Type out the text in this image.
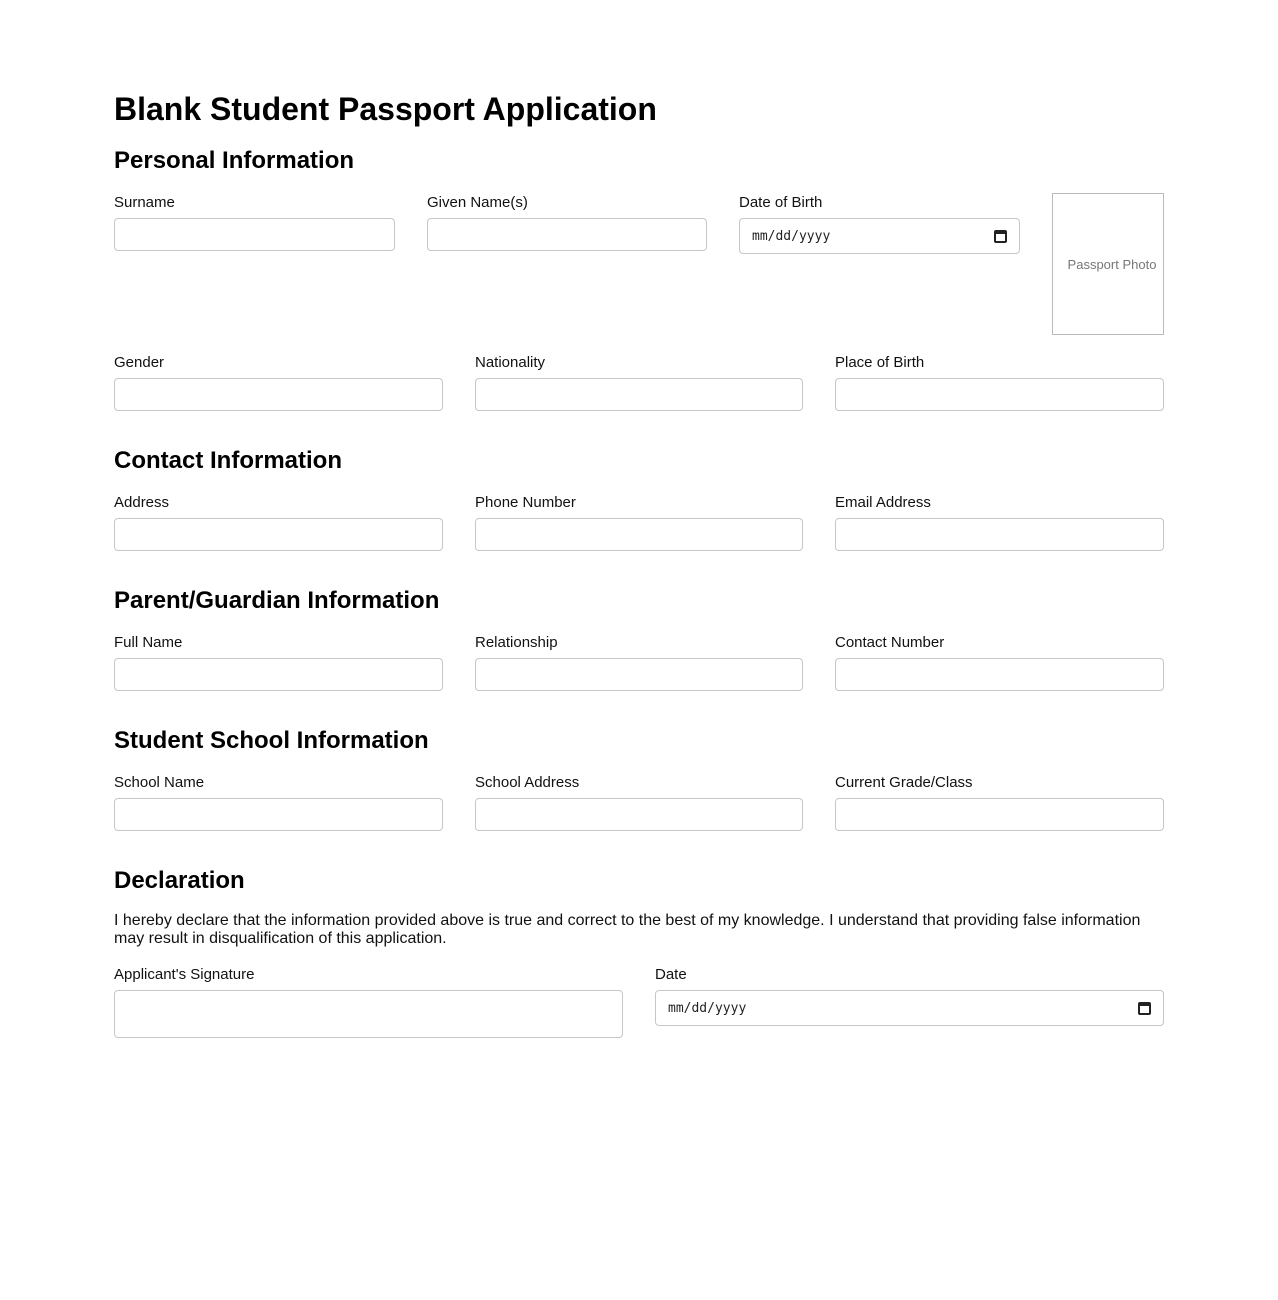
Blank Student Passport Application
Personal Information
Surname	Given Name(s)	Date of Birth
mm/dd/yyyy
Passport Photo
Gender	Nationality	Place of Birth
Contact Information
Address	Phone Number	Email Address
Parent/Guardian Information
Full Name	Relationship	Contact Number
Student School Information
School Name	School Address	Current Grade/Class
Declaration

I hereby declare that the information provided above is true and correct to the best of my knowledge. I understand that providing false information may result in disqualification of this application.

Applicant's Signature	Date
mm/dd/yyyy
